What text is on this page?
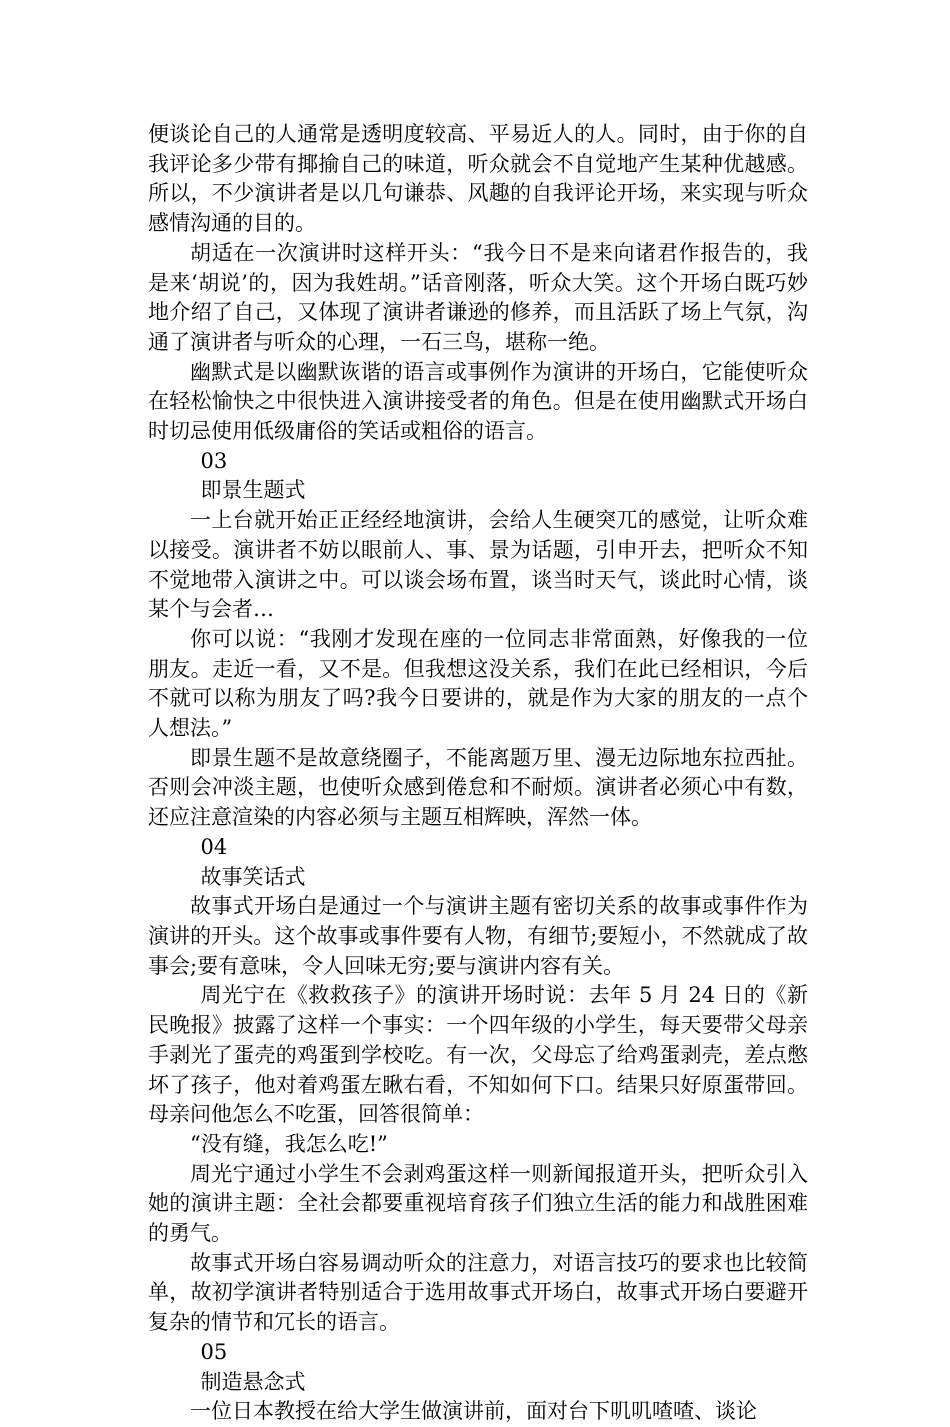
便谈论自己的人通常是透明度较高、平易近人的人。同时，由于你的自我评论多少带有揶揄自己的味道，听众就会不自觉地产生某种优越感。所以，不少演讲者是以几句谦恭、风趣的自我评论开场，来实现与听众感情沟通的目的。

胡适在一次演讲时这样开头：“我今日不是来向诸君作报告的，我是来‘胡说’的，因为我姓胡。”话音刚落，听众大笑。这个开场白既巧妙地介绍了自己，又体现了演讲者谦逊的修养，而且活跃了场上气氛，沟通了演讲者与听众的心理，一石三鸟，堪称一绝。

幽默式是以幽默诙谐的语言或事例作为演讲的开场白，它能使听众在轻松愉快之中很快进入演讲接受者的角色。但是在使用幽默式开场白时切忌使用低级庸俗的笑话或粗俗的语言。

03

即景生题式

一上台就开始正正经经地演讲，会给人生硬突兀的感觉，让听众难以接受。演讲者不妨以眼前人、事、景为话题，引申开去，把听众不知不觉地带入演讲之中。可以谈会场布置，谈当时天气，谈此时心情，谈某个与会者…

你可以说：“我刚才发现在座的一位同志非常面熟，好像我的一位朋友。走近一看，又不是。但我想这没关系，我们在此已经相识，今后不就可以称为朋友了吗?我今日要讲的，就是作为大家的朋友的一点个人想法。”

即景生题不是故意绕圈子，不能离题万里、漫无边际地东拉西扯。否则会冲淡主题，也使听众感到倦怠和不耐烦。演讲者必须心中有数，还应注意渲染的内容必须与主题互相辉映，浑然一体。

04

故事笑话式

故事式开场白是通过一个与演讲主题有密切关系的故事或事件作为演讲的开头。这个故事或事件要有人物，有细节;要短小，不然就成了故事会;要有意味，令人回味无穷;要与演讲内容有关。

周光宁在《救救孩子》的演讲开场时说：去年 5 月 24 日的《新民晚报》披露了这样一个事实：一个四年级的小学生，每天要带父母亲手剥光了蛋壳的鸡蛋到学校吃。有一次，父母忘了给鸡蛋剥壳，差点憋坏了孩子，他对着鸡蛋左瞅右看，不知如何下口。结果只好原蛋带回。母亲问他怎么不吃蛋，回答很简单：

“没有缝，我怎么吃!”

周光宁通过小学生不会剥鸡蛋这样一则新闻报道开头，把听众引入她的演讲主题：全社会都要重视培育孩子们独立生活的能力和战胜困难的勇气。

故事式开场白容易调动听众的注意力，对语言技巧的要求也比较简单，故初学演讲者特别适合于选用故事式开场白，故事式开场白要避开复杂的情节和冗长的语言。

05

制造悬念式

一位日本教授在给大学生做演讲前，面对台下叽叽喳喳、谈论
